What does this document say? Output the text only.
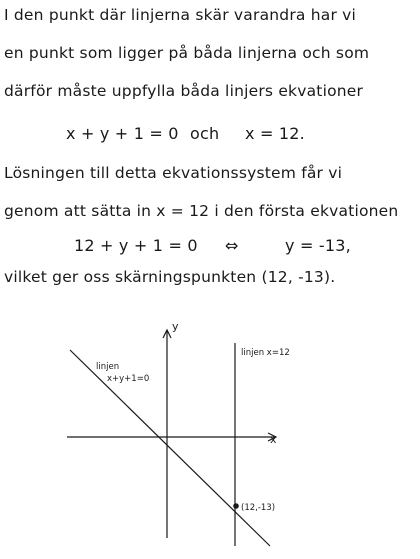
I den punkt där linjerna skär varandra har vi
en punkt som ligger på båda linjerna och som
därför måste uppfylla båda linjers ekvationer
x + y + 1 = 0 och x = 12.
Lösningen till detta ekvationssystem får vi
genom att sätta in x = 12 i den första ekvationen
12 + y + 1 = 0 ⇔	y = -13,
vilket ger oss skärningspunkten (12, -13).
y
x
linjen x=12
linjen
x+y+1=0
(12,-13)
